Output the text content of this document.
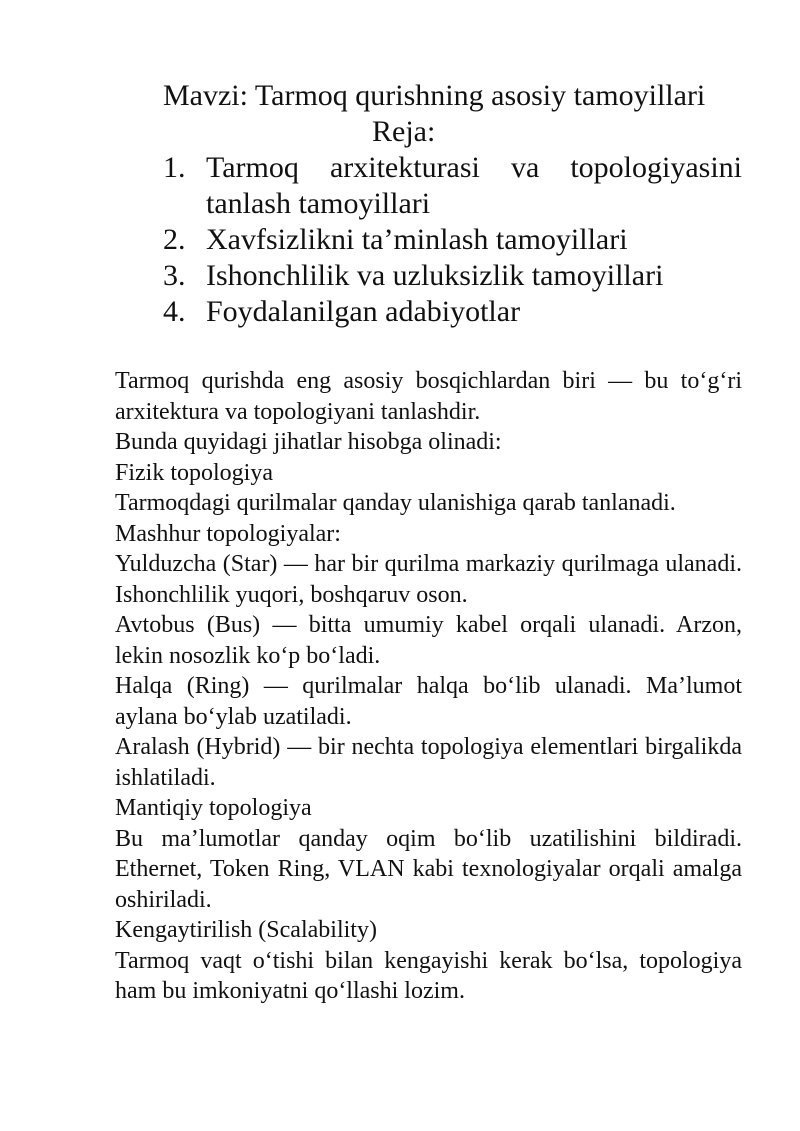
Mavzi: Tarmoq qurishning asosiy tamoyillari

Reja:

1. Tarmoq arxitekturasi va topologiyasini tanlash tamoyillari
2. Xavfsizlikni ta’minlash tamoyillari
3. Ishonchlilik va uzluksizlik tamoyillari
4. Foydalanilgan adabiyotlar

Tarmoq qurishda eng asosiy bosqichlardan biri — bu to‘g‘ri arxitektura va topologiyani tanlashdir.

Bunda quyidagi jihatlar hisobga olinadi:

Fizik topologiya

Tarmoqdagi qurilmalar qanday ulanishiga qarab tanlanadi.

Mashhur topologiyalar:

Yulduzcha (Star) — har bir qurilma markaziy qurilmaga ulanadi. Ishonchlilik yuqori, boshqaruv oson.

Avtobus (Bus) — bitta umumiy kabel orqali ulanadi. Arzon, lekin nosozlik ko‘p bo‘ladi.

Halqa (Ring) — qurilmalar halqa bo‘lib ulanadi. Ma’lumot aylana bo‘ylab uzatiladi.

Aralash (Hybrid) — bir nechta topologiya elementlari birgalikda ishlatiladi.

Mantiqiy topologiya

Bu ma’lumotlar qanday oqim bo‘lib uzatilishini bildiradi. Ethernet, Token Ring, VLAN kabi texnologiyalar orqali amalga oshiriladi.

Kengaytirilish (Scalability)

Tarmoq vaqt o‘tishi bilan kengayishi kerak bo‘lsa, topologiya ham bu imkoniyatni qo‘llashi lozim.
